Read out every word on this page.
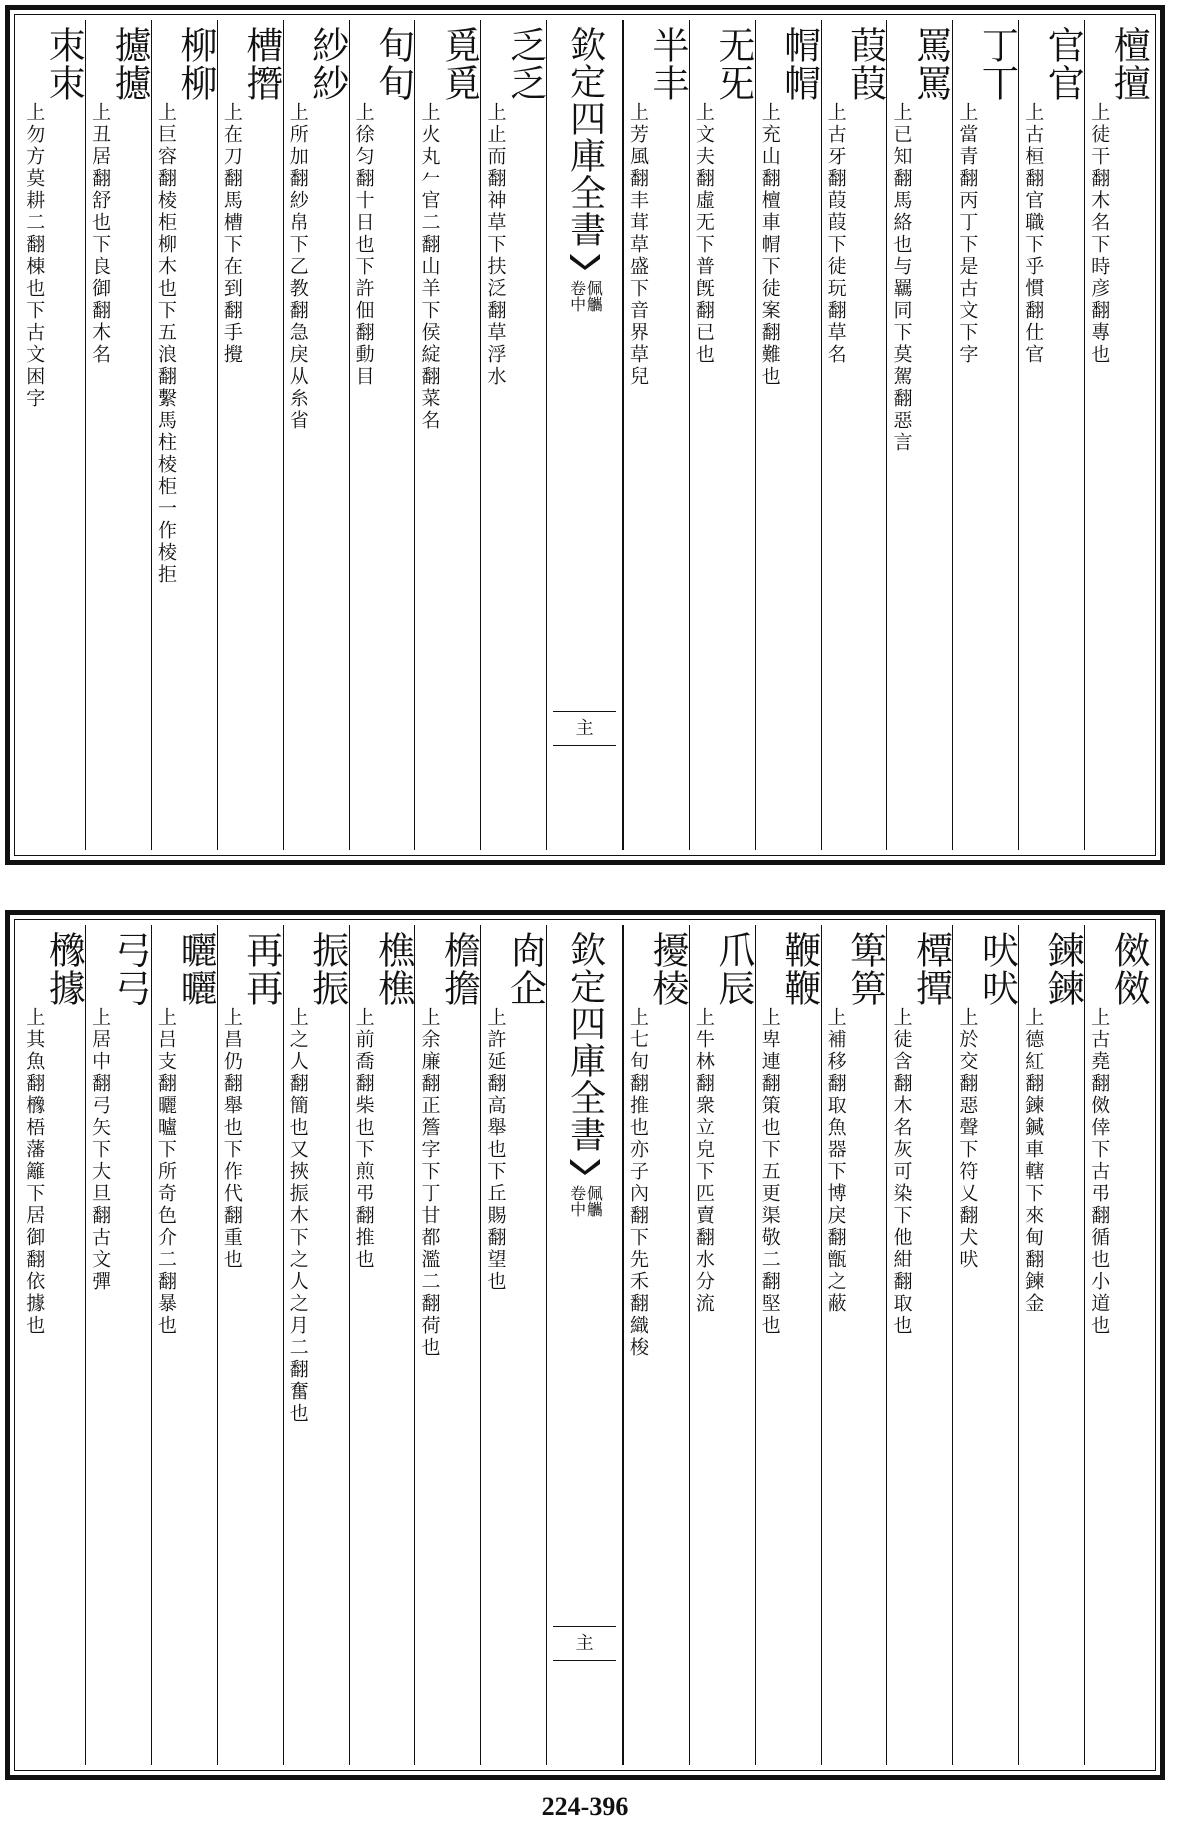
檀擅
上徒干翻木名下時彦翻專也
官官
上古桓翻官職下乎慣翻仕官
丁丅
上當青翻丙丁下是古文下字
罵罵
上已知翻馬絡也与羈同下莫駕翻惡言
葭葭
上古牙翻葭葭下徒玩翻草名
㡌㡌
上充山翻檀車㡌下徒案翻難也
无旡
上文夫翻虛无下普旣翻已也
半丰
上芳風翻丰茸草盛下音界草兒
欽定四庫全書
佩觿
卷中
主
乏乏
上止而翻神草下扶泛翻草浮水
覓覓
上火丸𠂉官二翻山羊下侯綻翻菜名
旬旬
上徐匀翻十日也下許佃翻動目
紗紗
上所加翻紗帛下乙教翻急戾从糸省
槽撍
上在刀翻馬槽下在到翻手攪
柳柳
上巨容翻棱柜柳木也下五浪翻繫馬柱棱柜一作棱拒
攄攄
上丑居翻舒也下良御翻木名
朿朿
上勿方莫耕二翻棟也下古文困字
傚傚
上古堯翻傚倖下古弔翻循也小道也
鍊鍊
上德紅翻鍊鍼車轄下來甸翻鍊金
吠吠
上於交翻惡聲下符乂翻犬吠
橝撢
上徒含翻木名灰可染下他紺翻取也
箄箅
上補移翻取魚器下博戾翻甑之蔽
鞭鞭
上卑連翻策也下五更渠敬二翻堅也
爪辰
上牛林翻衆立皃下匹賣翻水分流
擾棱
上七旬翻推也亦子內翻下先禾翻織梭
欽定四庫全書
佩觿
卷中
主
㕯企
上許延翻高舉也下丘賜翻望也
檐擔
上余廉翻正簷字下丁甘都濫二翻荷也
樵樵
上前喬翻柴也下煎弔翻推也
振振
上之人翻簡也又挾振木下之人之月二翻奮也
再再
上昌仍翻舉也下作代翻重也
曬曬
上吕支翻曬曥下所奇色介二翻暴也
弓弓
上居中翻弓矢下大旦翻古文彈
櫲據
上其魚翻櫲梧藩籬下居御翻依據也
224-396
